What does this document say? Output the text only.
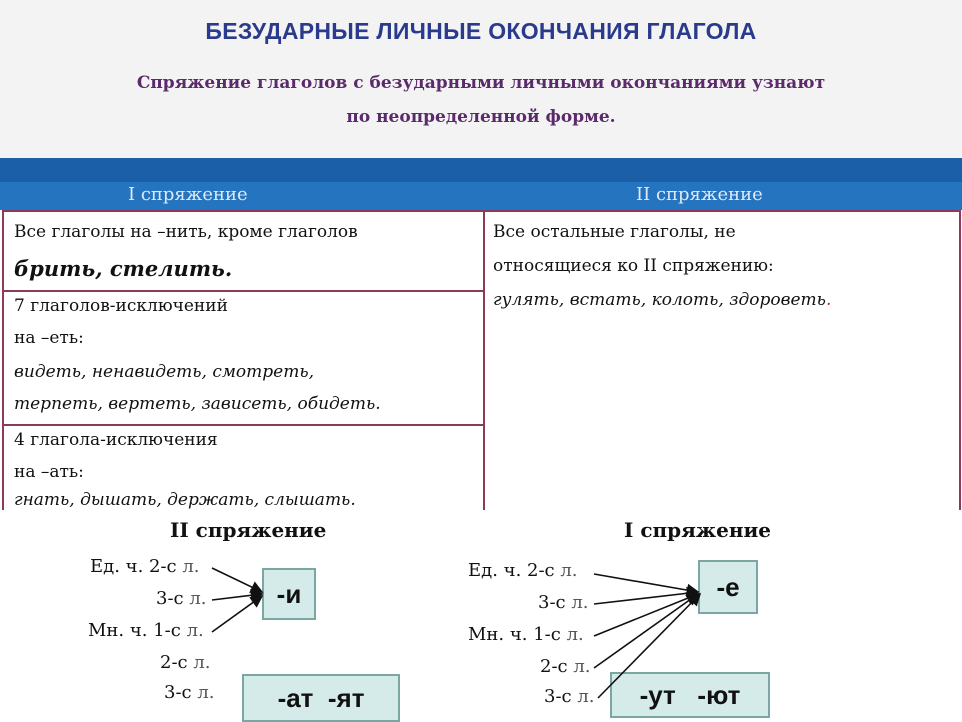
БЕЗУДАРНЫЕ ЛИЧНЫЕ ОКОНЧАНИЯ ГЛАГОЛА
Спряжение глаголов с безударными личными окончаниями узнают
по неопределенной форме.
I спряжение	II спряжение
Все глаголы на –нить, кроме глаголов
брить, стелить.
7 глаголов-исключений
на –еть:
видеть, ненавидеть, смотреть,
терпеть, вертеть, зависеть, обидеть.
4 глагола-исключения
на –ать:
гнать, дышать, держать, слышать.
Все остальные глаголы, не
относящиеся ко II спряжению:
гулять, встать, колоть, здороветь.
II спряжение
Ед. ч. 2-с л.
3-с л.
Мн. ч. 1-с л.
2-с л.
3-с л.
-и
-ат  -ят
I спряжение
Ед. ч. 2-с л.
3-с л.
Мн. ч. 1-с л.
2-с л.
3-с л.
-е
-ут   -ют
